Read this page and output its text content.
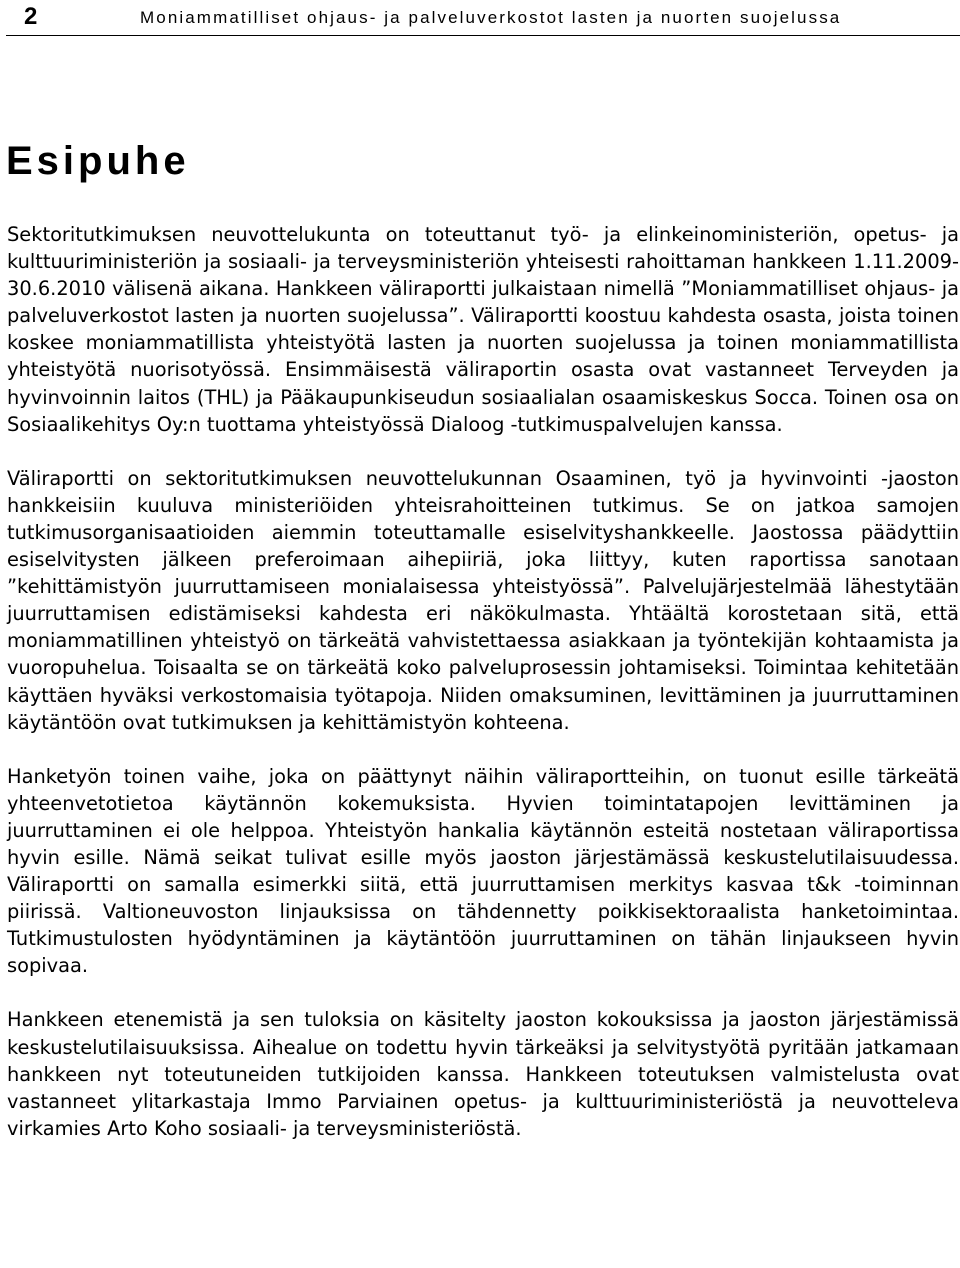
2	Moniammatilliset ohjaus- ja palveluverkostot lasten ja nuorten suojelussa
Esipuhe

Sektoritutkimuksen neuvottelukunta on toteuttanut työ- ja elinkeinoministeriön, opetus- ja kulttuuriministeriön ja sosiaali- ja terveysministeriön yhteisesti rahoittaman hankkeen 1.11.2009-30.6.2010 välisenä aikana. Hankkeen väliraportti julkaistaan nimellä ”Moniammatilliset ohjaus- ja palveluverkostot lasten ja nuorten suojelussa”. Väliraportti koostuu kahdesta osasta, joista toinen koskee moniammatillista yhteistyötä lasten ja nuorten suojelussa ja toinen moniammatillista yhteistyötä nuorisotyössä. Ensimmäisestä väliraportin osasta ovat vastanneet Terveyden ja hyvinvoinnin laitos (THL) ja Pääkaupunkiseudun sosiaalialan osaamiskeskus Socca. Toinen osa on Sosiaalikehitys Oy:n tuottama yhteistyössä Dialoog -tutkimuspalvelujen kanssa.

Väliraportti on sektoritutkimuksen neuvottelukunnan Osaaminen, työ ja hyvinvointi -jaoston hankkeisiin kuuluva ministeriöiden yhteisrahoitteinen tutkimus. Se on jatkoa samojen tutkimusorganisaatioiden aiemmin toteuttamalle esiselvityshankkeelle. Jaostossa päädyttiin esiselvitysten jälkeen preferoimaan aihepiiriä, joka liittyy, kuten raportissa sanotaan ”kehittämistyön juurruttamiseen monialaisessa yhteistyössä”. Palvelujärjestelmää lähestytään juurruttamisen edistämiseksi kahdesta eri näkökulmasta. Yhtäältä korostetaan sitä, että moniammatillinen yhteistyö on tärkeätä vahvistettaessa asiakkaan ja työntekijän kohtaamista ja vuoropuhelua. Toisaalta se on tärkeätä koko palveluprosessin johtamiseksi. Toimintaa kehitetään käyttäen hyväksi verkostomaisia työtapoja. Niiden omaksuminen, levittäminen ja juurruttaminen käytäntöön ovat tutkimuksen ja kehittämistyön kohteena.

Hanketyön toinen vaihe, joka on päättynyt näihin väliraportteihin, on tuonut esille tärkeätä yhteenvetotietoa käytännön kokemuksista. Hyvien toimintatapojen levittäminen ja juurruttaminen ei ole helppoa. Yhteistyön hankalia käytännön esteitä nostetaan väliraportissa hyvin esille. Nämä seikat tulivat esille myös jaoston järjestämässä keskustelutilaisuudessa. Väliraportti on samalla esimerkki siitä, että juurruttamisen merkitys kasvaa t&k -toiminnan piirissä. Valtioneuvoston linjauksissa on tähdennetty poikkisektoraalista hanketoimintaa. Tutkimustulosten hyödyntäminen ja käytäntöön juurruttaminen on tähän linjaukseen hyvin sopivaa.

Hankkeen etenemistä ja sen tuloksia on käsitelty jaoston kokouksissa ja jaoston järjestämissä keskustelutilaisuuksissa. Aihealue on todettu hyvin tärkeäksi ja selvitystyötä pyritään jatkamaan hankkeen nyt toteutuneiden tutkijoiden kanssa. Hankkeen toteutuksen valmistelusta ovat vastanneet ylitarkastaja Immo Parviainen opetus- ja kulttuuriministeriöstä ja neuvotteleva virkamies Arto Koho sosiaali- ja terveysministeriöstä.
